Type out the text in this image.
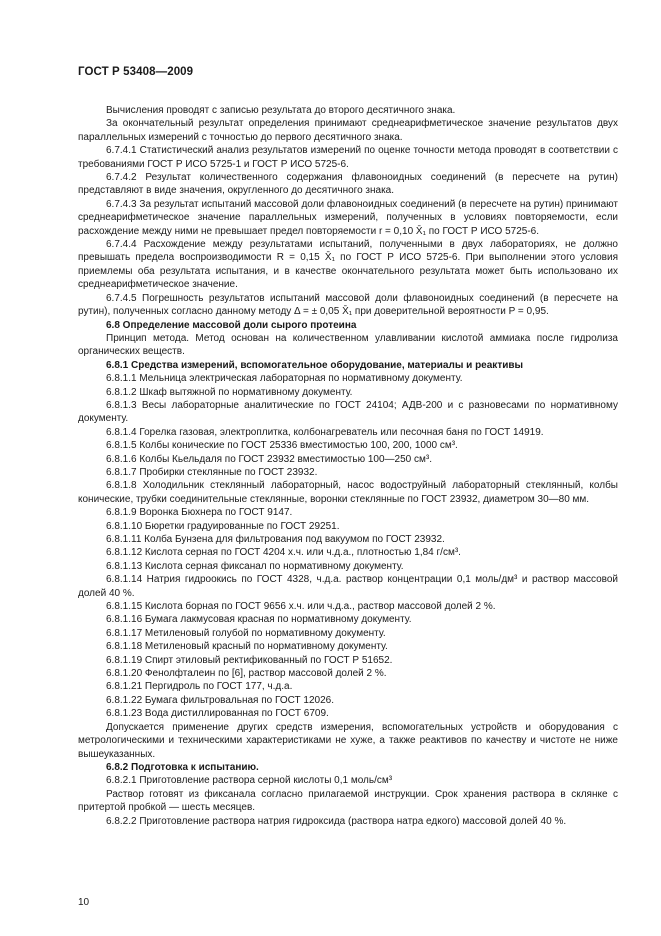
ГОСТ Р 53408—2009

Вычисления проводят с записью результата до второго десятичного знака.

За окончательный результат определения принимают среднеарифметическое значение результатов двух параллельных измерений с точностью до первого десятичного знака.

6.7.4.1 Статистический анализ результатов измерений по оценке точности метода проводят в соответствии с требованиями ГОСТ Р ИСО 5725-1 и ГОСТ Р ИСО 5725-6.

6.7.4.2 Результат количественного содержания флавоноидных соединений (в пересчете на рутин) представляют в виде значения, округленного до десятичного знака.

6.7.4.3 За результат испытаний массовой доли флавоноидных соединений (в пересчете на рутин) принимают среднеарифметическое значение параллельных измерений, полученных в условиях повторяемости, если расхождение между ними не превышает предел повторяемости r = 0,10 X̄₁ по ГОСТ Р ИСО 5725-6.

6.7.4.4 Расхождение между результатами испытаний, полученными в двух лабораториях, не должно превышать предела воспроизводимости R = 0,15 X̄₁ по ГОСТ Р ИСО 5725-6. При выполнении этого условия приемлемы оба результата испытания, и в качестве окончательного результата может быть использовано их среднеарифметическое значение.

6.7.4.5 Погрешность результатов испытаний массовой доли флавоноидных соединений (в пересчете на рутин), полученных согласно данному методу Δ = ± 0,05 X̄₁ при доверительной вероятности P = 0,95.

6.8 Определение массовой доли сырого протеина

Принцип метода. Метод основан на количественном улавливании кислотой аммиака после гидролиза органических веществ.

6.8.1 Средства измерений, вспомогательное оборудование, материалы и реактивы

6.8.1.1 Мельница электрическая лабораторная по нормативному документу.

6.8.1.2 Шкаф вытяжной по нормативному документу.

6.8.1.3 Весы лабораторные аналитические по ГОСТ 24104; АДВ-200 и с разновесами по нормативному документу.

6.8.1.4 Горелка газовая, электроплитка, колбонагреватель или песочная баня по ГОСТ 14919.

6.8.1.5 Колбы конические по ГОСТ 25336 вместимостью 100, 200, 1000 см³.

6.8.1.6 Колбы Кьельдаля по ГОСТ 23932 вместимостью 100—250 см³.

6.8.1.7 Пробирки стеклянные по ГОСТ 23932.

6.8.1.8 Холодильник стеклянный лабораторный, насос водоструйный лабораторный стеклянный, колбы конические, трубки соединительные стеклянные, воронки стеклянные по ГОСТ 23932, диаметром 30—80 мм.

6.8.1.9 Воронка Бюхнера по ГОСТ 9147.

6.8.1.10 Бюретки градуированные по ГОСТ 29251.

6.8.1.11 Колба Бунзена для фильтрования под вакуумом по ГОСТ 23932.

6.8.1.12 Кислота серная по ГОСТ 4204 х.ч. или ч.д.а., плотностью 1,84 г/см³.

6.8.1.13 Кислота серная фиксанал по нормативному документу.

6.8.1.14 Натрия гидроокись по ГОСТ 4328, ч.д.а. раствор концентрации 0,1 моль/дм³ и раствор массовой долей 40 %.

6.8.1.15 Кислота борная по ГОСТ 9656 х.ч. или ч.д.а., раствор массовой долей 2 %.

6.8.1.16 Бумага лакмусовая красная по нормативному документу.

6.8.1.17 Метиленовый голубой по нормативному документу.

6.8.1.18 Метиленовый красный по нормативному документу.

6.8.1.19 Спирт этиловый ректификованный по ГОСТ Р 51652.

6.8.1.20 Фенолфталеин по [6], раствор массовой долей 2 %.

6.8.1.21 Пергидроль по ГОСТ 177, ч.д.а.

6.8.1.22 Бумага фильтровальная по ГОСТ 12026.

6.8.1.23 Вода дистиллированная по ГОСТ 6709.

Допускается применение других средств измерения, вспомогательных устройств и оборудования с метрологическими и техническими характеристиками не хуже, а также реактивов по качеству и чистоте не ниже вышеуказанных.

6.8.2 Подготовка к испытанию.

6.8.2.1 Приготовление раствора серной кислоты 0,1 моль/см³

Раствор готовят из фиксанала согласно прилагаемой инструкции. Срок хранения раствора в склянке с притертой пробкой — шесть месяцев.

6.8.2.2 Приготовление раствора натрия гидроксида (раствора натра едкого) массовой долей 40 %.

10
